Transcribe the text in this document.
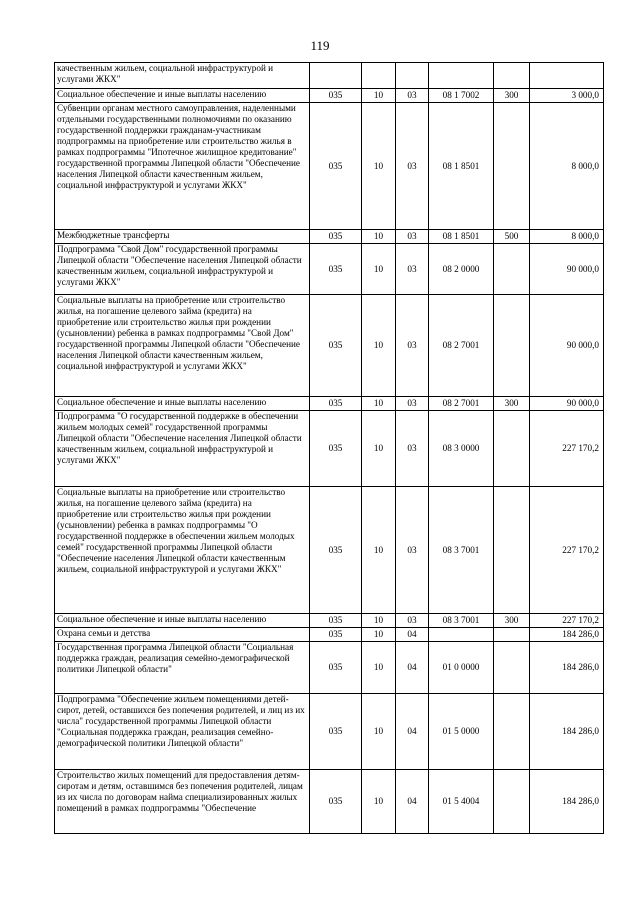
119
качественным жильем, социальной инфраструктурой и услугами ЖКХ"						
Социальное обеспечение и иные выплаты населению	035	10	03	08 1 7002	300	3 000,0
Субвенции органам местного самоуправления, наделенными отдельными государственными полномочиями по оказанию государственной поддержки гражданам-участникам подпрограммы на приобретение или строительство жилья в рамках подпрограммы "Ипотечное жилищное кредитование" государственной программы Липецкой области "Обеспечение населения Липецкой области качественным жильем, социальной инфраструктурой и услугами ЖКХ"	035	10	03	08 1 8501		8 000,0
Межбюджетные трансферты	035	10	03	08 1 8501	500	8 000,0
Подпрограмма "Свой Дом" государственной программы Липецкой области "Обеспечение населения Липецкой области качественным жильем, социальной инфраструктурой и услугами ЖКХ"	035	10	03	08 2 0000		90 000,0
Социальные выплаты на приобретение или строительство жилья, на погашение целевого займа (кредита) на приобретение или строительство жилья при рождении (усыновлении) ребенка в рамках подпрограммы "Свой Дом" государственной программы Липецкой области "Обеспечение населения Липецкой области качественным жильем, социальной инфраструктурой и услугами ЖКХ"	035	10	03	08 2 7001		90 000,0
Социальное обеспечение и иные выплаты населению	035	10	03	08 2 7001	300	90 000,0
Подпрограмма "О государственной поддержке в обеспечении жильем молодых семей" государственной программы Липецкой области "Обеспечение населения Липецкой области качественным жильем, социальной инфраструктурой и услугами ЖКХ"	035	10	03	08 3 0000		227 170,2
Социальные выплаты на приобретение или строительство жилья, на погашение целевого займа (кредита) на приобретение или строительство жилья при рождении (усыновлении) ребенка в рамках подпрограммы "О государственной поддержке в обеспечении жильем молодых семей" государственной программы Липецкой области "Обеспечение населения Липецкой области качественным жильем, социальной инфраструктурой и услугами ЖКХ"	035	10	03	08 3 7001		227 170,2
Социальное обеспечение и иные выплаты населению	035	10	03	08 3 7001	300	227 170,2
Охрана семьи и детства	035	10	04			184 286,0
Государственная программа Липецкой области "Социальная поддержка граждан, реализация семейно-демографической политики Липецкой области"	035	10	04	01 0 0000		184 286,0
Подпрограмма "Обеспечение жильем помещениями детей-сирот, детей, оставшихся без попечения родителей, и лиц из их числа" государственной программы Липецкой области "Социальная поддержка граждан, реализация семейно-демографической политики Липецкой области"	035	10	04	01 5 0000		184 286,0
Строительство жилых помещений для предоставления детям-сиротам и детям, оставшимся без попечения родителей, лицам из их числа по договорам найма специализированных жилых помещений в рамках подпрограммы "Обеспечение	035	10	04	01 5 4004		184 286,0
